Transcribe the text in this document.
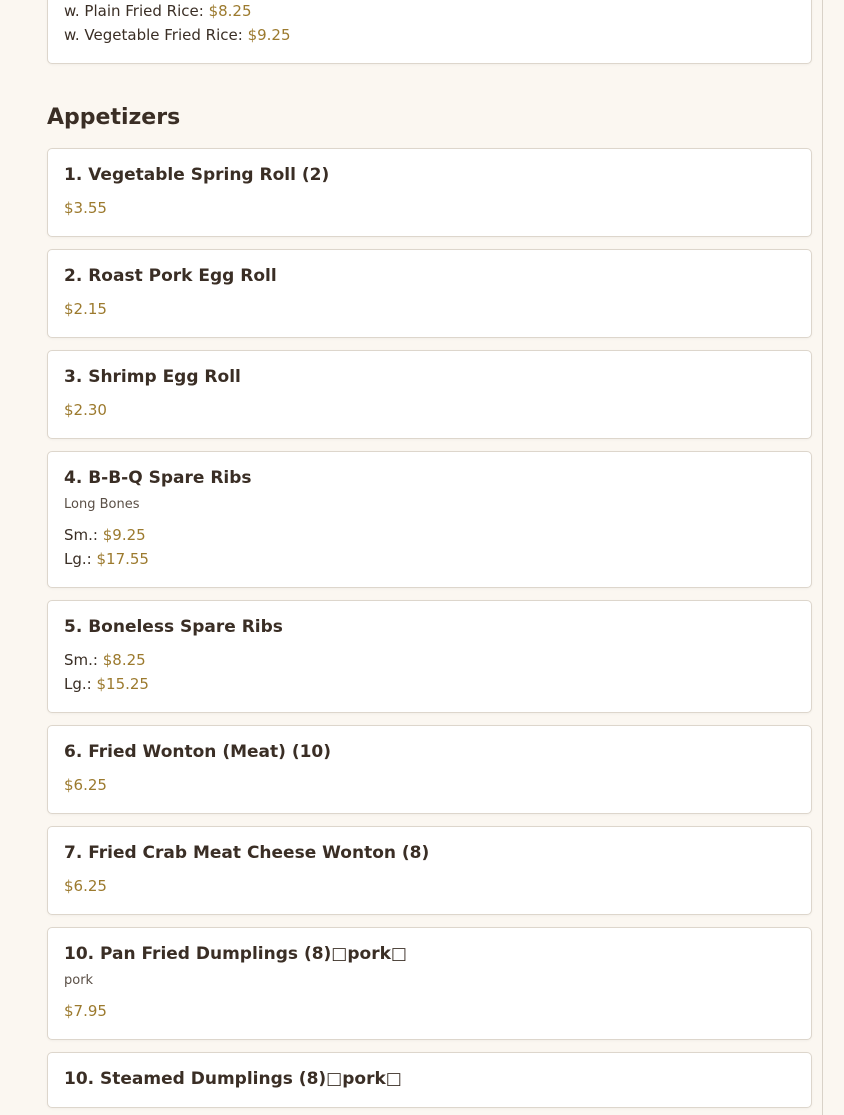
w. Plain Fried Rice: $8.25
w. Vegetable Fried Rice: $9.25
Appetizers
1. Vegetable Spring Roll (2)
$3.55
2. Roast Pork Egg Roll
$2.15
3. Shrimp Egg Roll
$2.30
4. B-B-Q Spare Ribs
Long Bones
Sm.: $9.25
Lg.: $17.55
5. Boneless Spare Ribs
Sm.: $8.25
Lg.: $15.25
6. Fried Wonton (Meat) (10)
$6.25
7. Fried Crab Meat Cheese Wonton (8)
$6.25
10. Pan Fried Dumplings (8)□pork□
pork
$7.95
10. Steamed Dumplings (8)□pork□
